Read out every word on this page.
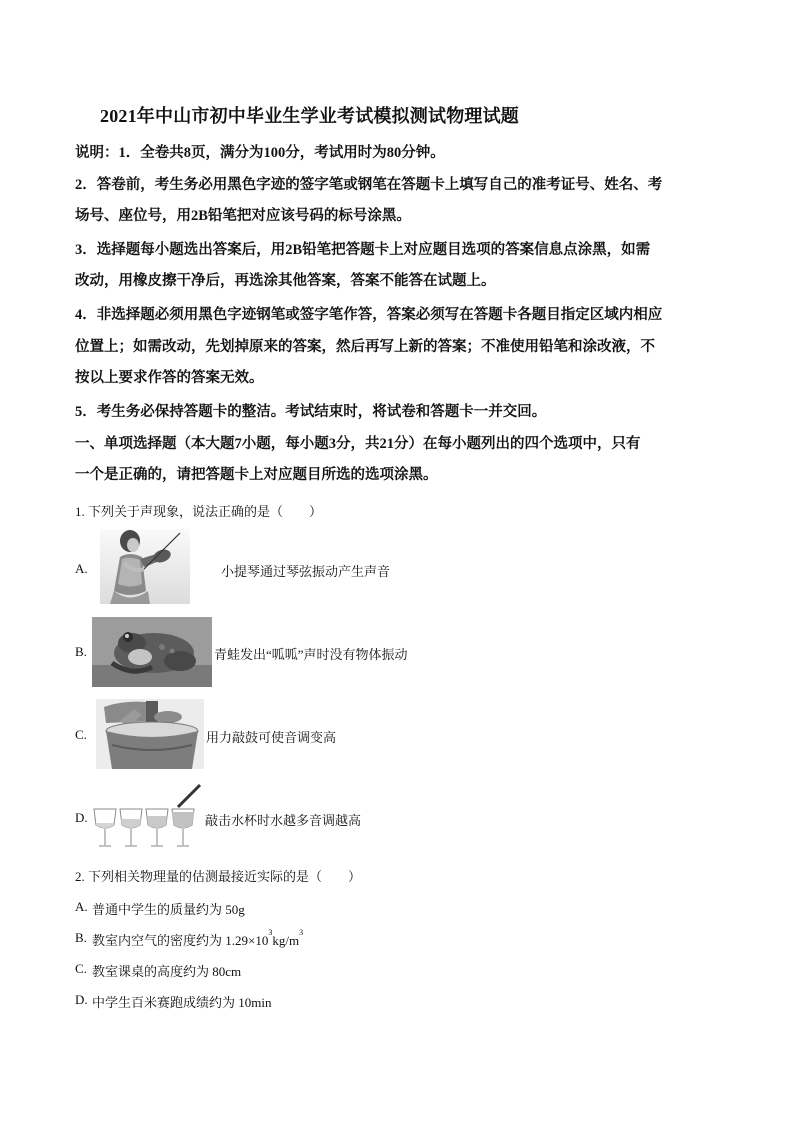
2021年中山市初中毕业生学业考试模拟测试物理试题
说明：1．全卷共8页，满分为100分，考试用时为80分钟。
2．答卷前，考生务必用黑色字迹的签字笔或钢笔在答题卡上填写自己的准考证号、姓名、考
场号、座位号，用2B铅笔把对应该号码的标号涂黑。
3．选择题每小题选出答案后，用2B铅笔把答题卡上对应题目选项的答案信息点涂黑，如需
改动，用橡皮擦干净后，再选涂其他答案，答案不能答在试题上。
4．非选择题必须用黑色字迹钢笔或签字笔作答，答案必须写在答题卡各题目指定区域内相应
位置上；如需改动，先划掉原来的答案，然后再写上新的答案；不准使用铅笔和涂改液，不
按以上要求作答的答案无效。
5．考生务必保持答题卡的整洁。考试结束时，将试卷和答题卡一并交回。
一、单项选择题（本大题7小题，每小题3分，共21分）在每小题列出的四个选项中，只有
一个是正确的，请把答题卡上对应题目所选的选项涂黑。
1. 下列关于声现象，说法正确的是（　　）
A.	小提琴通过琴弦振动产生声音
B.	青蛙发出“呱呱”声时没有物体振动
C.	用力敲鼓可使音调变高
D.	敲击水杯时水越多音调越高
2. 下列相关物理量的估测最接近实际的是（　　）
A. 普通中学生的质量约为 50g
B. 教室内空气的密度约为 $1.29\times 10^3kg/m^3$
C. 教室课桌的高度约为 80cm
D. 中学生百米赛跑成绩约为 10min
